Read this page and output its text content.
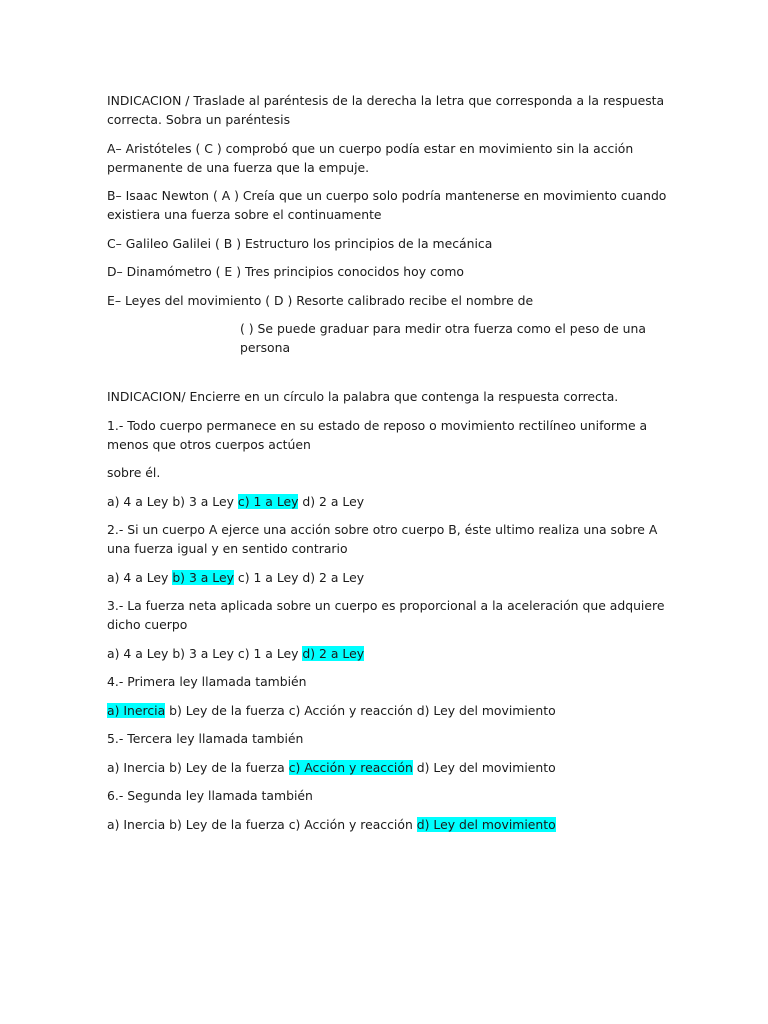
INDICACION / Traslade al paréntesis de la derecha la letra que corresponda a la respuesta correcta. Sobra un paréntesis

A– Aristóteles ( C ) comprobó que un cuerpo podía estar en movimiento sin la acción permanente de una fuerza que la empuje.

B– Isaac Newton ( A ) Creía que un cuerpo solo podría mantenerse en movimiento cuando existiera una fuerza sobre el continuamente

C– Galileo Galilei ( B ) Estructuro los principios de la mecánica

D– Dinamómetro ( E ) Tres principios conocidos hoy como

E– Leyes del movimiento ( D ) Resorte calibrado recibe el nombre de

( ) Se puede graduar para medir otra fuerza como el peso de una persona

INDICACION/ Encierre en un círculo la palabra que contenga la respuesta correcta.

1.- Todo cuerpo permanece en su estado de reposo o movimiento rectilíneo uniforme a menos que otros cuerpos actúen

sobre él.

a) 4 a Ley b) 3 a Ley c) 1 a Ley d) 2 a Ley

2.- Si un cuerpo A ejerce una acción sobre otro cuerpo B, éste ultimo realiza una sobre A una fuerza igual y en sentido contrario

a) 4 a Ley b) 3 a Ley c) 1 a Ley d) 2 a Ley

3.- La fuerza neta aplicada sobre un cuerpo es proporcional a la aceleración que adquiere dicho cuerpo

a) 4 a Ley b) 3 a Ley c) 1 a Ley d) 2 a Ley

4.- Primera ley llamada también

a) Inercia b) Ley de la fuerza c) Acción y reacción d) Ley del movimiento

5.- Tercera ley llamada también

a) Inercia b) Ley de la fuerza c) Acción y reacción d) Ley del movimiento

6.- Segunda ley llamada también

a) Inercia b) Ley de la fuerza c) Acción y reacción d) Ley del movimiento
